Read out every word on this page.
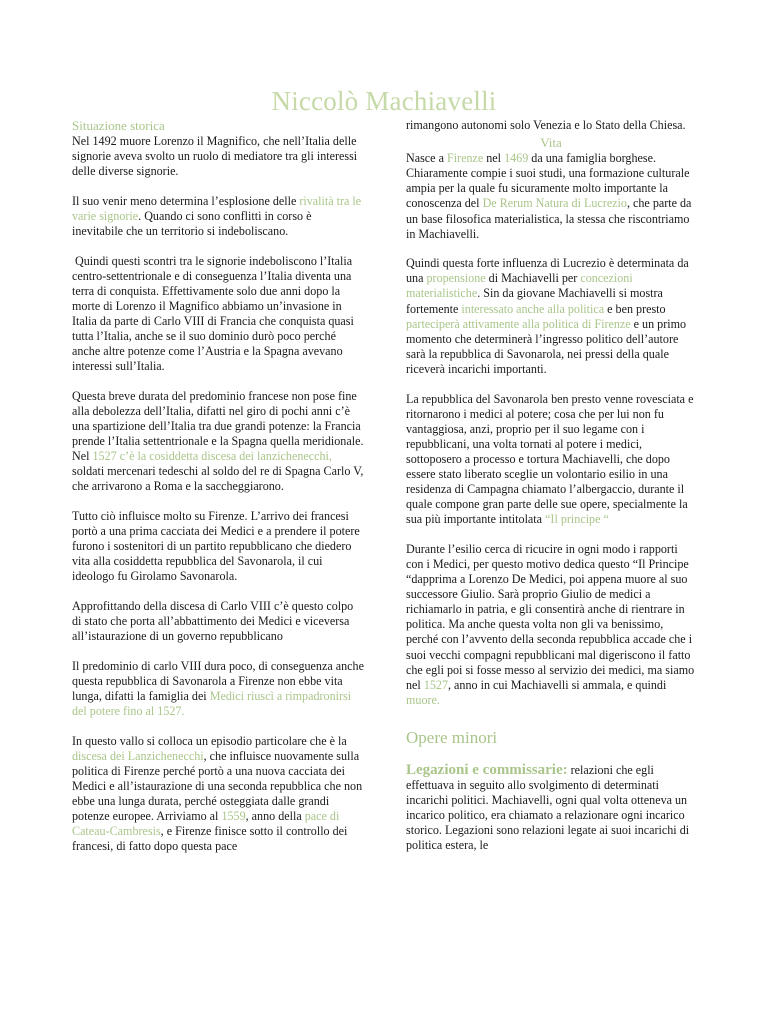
Niccolò Machiavelli
Situazione storica

Nel 1492 muore Lorenzo il Magnifico, che nell’Italia delle signorie aveva svolto un ruolo di mediatore tra gli interessi delle diverse signorie.

Il suo venir meno determina l’esplosione delle rivalità tra le varie signorie. Quando ci sono conflitti in corso è inevitabile che un territorio si indeboliscano.

Quindi questi scontri tra le signorie indeboliscono l’Italia centro-settentrionale e di conseguenza l’Italia diventa una terra di conquista. Effettivamente solo due anni dopo la morte di Lorenzo il Magnifico abbiamo un’invasione in Italia da parte di Carlo VIII di Francia che conquista quasi tutta l’Italia, anche se il suo dominio durò poco perché anche altre potenze come l’Austria e la Spagna avevano interessi sull’Italia.

Questa breve durata del predominio francese non pose fine alla debolezza dell’Italia, difatti nel giro di pochi anni c’è una spartizione dell’Italia tra due grandi potenze: la Francia prende l’Italia settentrionale e la Spagna quella meridionale. Nel 1527 c’è la cosiddetta discesa dei lanzichenecchi, soldati mercenari tedeschi al soldo del re di Spagna Carlo V, che arrivarono a Roma e la saccheggiarono.

Tutto ciò influisce molto su Firenze. L’arrivo dei francesi portò a una prima cacciata dei Medici e a prendere il potere furono i sostenitori di un partito repubblicano che diedero vita alla cosiddetta repubblica del Savonarola, il cui ideologo fu Girolamo Savonarola.

Approfittando della discesa di Carlo VIII c’è questo colpo di stato che porta all’abbattimento dei Medici e viceversa all’istaurazione di un governo repubblicano

Il predominio di carlo VIII dura poco, di conseguenza anche questa repubblica di Savonarola a Firenze non ebbe vita lunga, difatti la famiglia dei Medici riuscì a rimpadronirsi del potere fino al 1527.

In questo vallo si colloca un episodio particolare che è la discesa dei Lanzichenecchi, che influisce nuovamente sulla politica di Firenze perché portò a una nuova cacciata dei Medici e all’istaurazione di una seconda repubblica che non ebbe una lunga durata, perché osteggiata dalle grandi potenze europee. Arriviamo al 1559, anno della pace di Cateau-Cambresis, e Firenze finisce sotto il controllo dei francesi, di fatto dopo questa pace

rimangono autonomi solo Venezia e lo Stato della Chiesa.

Vita

Nasce a Firenze nel 1469 da una famiglia borghese. Chiaramente compie i suoi studi, una formazione culturale ampia per la quale fu sicuramente molto importante la conoscenza del De Rerum Natura di Lucrezio, che parte da un base filosofica materialistica, la stessa che riscontriamo in Machiavelli.

Quindi questa forte influenza di Lucrezio è determinata da una propensione di Machiavelli per concezioni materialistiche. Sin da giovane Machiavelli si mostra fortemente interessato anche alla politica e ben presto parteciperà attivamente alla politica di Firenze e un primo momento che determinerà l’ingresso politico dell’autore sarà la repubblica di Savonarola, nei pressi della quale riceverà incarichi importanti.

La repubblica del Savonarola ben presto venne rovesciata e ritornarono i medici al potere; cosa che per lui non fu vantaggiosa, anzi, proprio per il suo legame con i repubblicani, una volta tornati al potere i medici, sottoposero a processo e tortura Machiavelli, che dopo essere stato liberato sceglie un volontario esilio in una residenza di Campagna chiamato l’albergaccio, durante il quale compone gran parte delle sue opere, specialmente la sua più importante intitolata “Il principe “

Durante l’esilio cerca di ricucire in ogni modo i rapporti con i Medici, per questo motivo dedica questo “Il Principe “dapprima a Lorenzo De Medici, poi appena muore al suo successore Giulio. Sarà proprio Giulio de medici a richiamarlo in patria, e gli consentirà anche di rientrare in politica. Ma anche questa volta non gli va benissimo, perché con l’avvento della seconda repubblica accade che i suoi vecchi compagni repubblicani mal digeriscono il fatto che egli poi si fosse messo al servizio dei medici, ma siamo nel 1527, anno in cui Machiavelli si ammala, e quindi muore.

Opere minori

Legazioni e commissarie: relazioni che egli effettuava in seguito allo svolgimento di determinati incarichi politici. Machiavelli, ogni qual volta otteneva un incarico politico, era chiamato a relazionare ogni incarico storico. Legazioni sono relazioni legate ai suoi incarichi di politica estera, le
